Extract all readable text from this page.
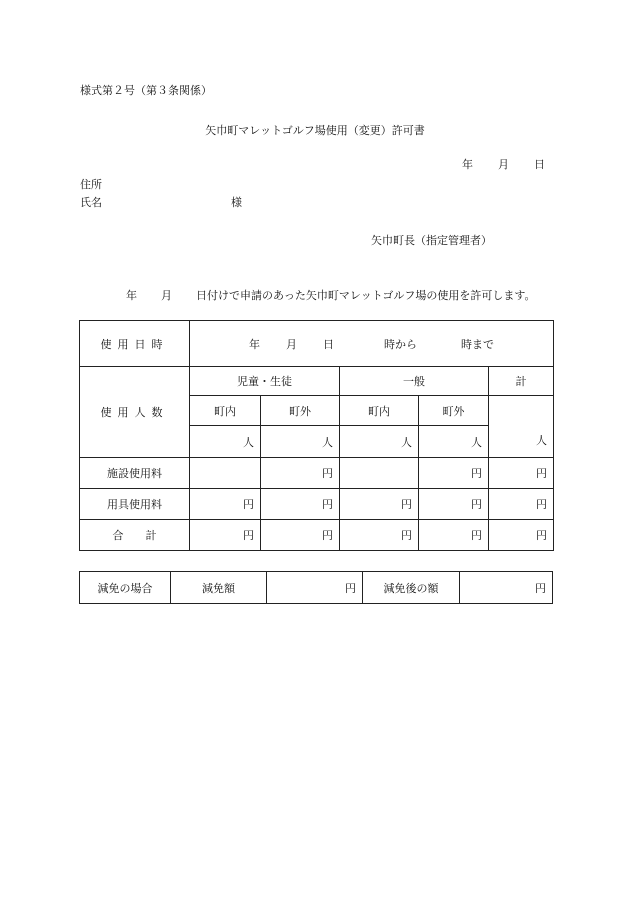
様式第２号（第３条関係）
矢巾町マレットゴルフ場使用（変更）許可書
年 月 日
住所
氏名	様
矢巾町長（指定管理者）
年 月 日付けで申請のあった矢巾町マレットゴルフ場の使用を許可します。
使用日時	年 月 日 時から 時まで				
使用人数	児童・生徒		一般		計
	町内	町外	町内	町外	人
	人	人	人	人	
施設使用料		円		円	円
用具使用料	円	円	円	円	円
合　　計	円	円	円	円	円
減免の場合	減免額	円	減免後の額	円
